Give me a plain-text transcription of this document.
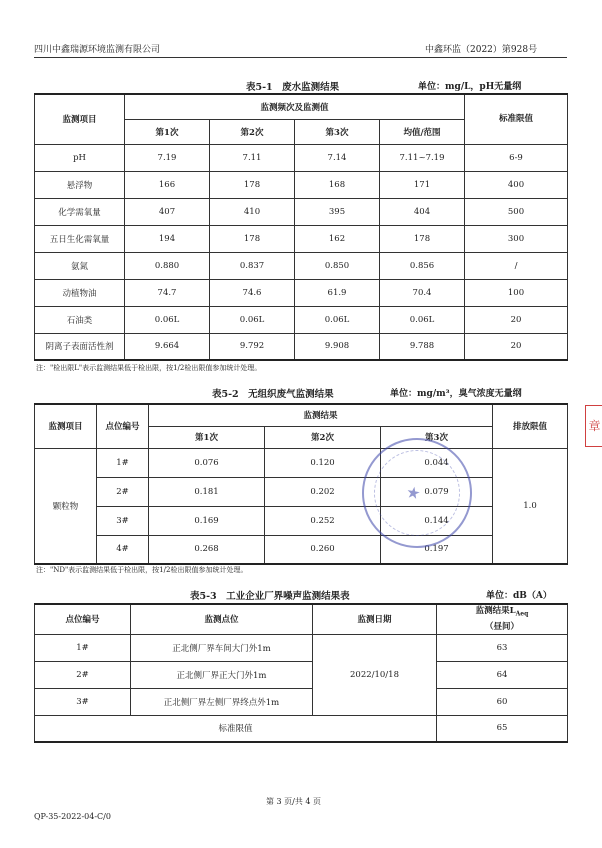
四川中鑫瑞源环境监测有限公司	中鑫环监（2022）第928号
表5-1　废水监测结果	单位：mg/L，pH无量纲
监测项目	监测频次及监测值				标准限值
	第1次	第2次	第3次	均值/范围	
pH	7.19	7.11	7.14	7.11~7.19	6-9
悬浮物	166	178	168	171	400
化学需氧量	407	410	395	404	500
五日生化需氧量	194	178	162	178	300
氨氮	0.880	0.837	0.850	0.856	/
动植物油	74.7	74.6	61.9	70.4	100
石油类	0.06L	0.06L	0.06L	0.06L	20
阴离子表面活性剂	9.664	9.792	9.908	9.788	20
注："检出限L"表示监测结果低于检出限，按1/2检出限值参加统计处理。
表5-2　无组织废气监测结果	单位：mg/m³，臭气浓度无量纲
监测项目	点位编号	监测结果			排放限值
		第1次	第2次	第3次	
颗粒物	1#	0.076	0.120	0.044	1.0
	2#	0.181	0.202	0.079	
	3#	0.169	0.252	0.144	
	4#	0.268	0.260	0.197	
注："ND"表示监测结果低于检出限，按1/2检出限值参加统计处理。
表5-3　工业企业厂界噪声监测结果表	单位：dB（A）
点位编号	监测点位	监测日期	监测结果$L_{Aeq}$
（昼间）
1#	正北侧厂界车间大门外1m	2022/10/18	63
2#	正北侧厂界正大门外1m		64
3#	正北侧厂界左侧厂界终点外1m		60
标准限值			65
★
章
第 3 页/共 4 页
QP-35-2022-04-C/0
